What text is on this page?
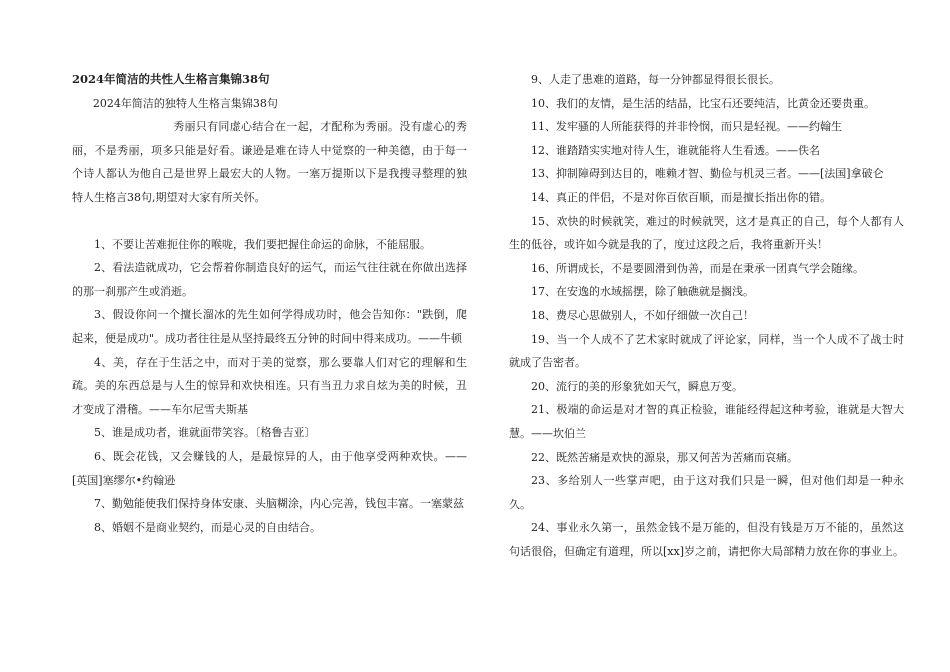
2024年简洁的共性人生格言集锦38句

2024年简洁的独特人生格言集锦38句

秀丽只有同虚心结合在一起，才配称为秀丽。没有虚心的秀丽，不是秀丽，项多只能是好看。谦逊是难在诗人中觉察的一种美德，由于每一个诗人都认为他自己是世界上最宏大的人物。一塞万提斯以下是我搜寻整理的独特人生格言38句,期望对大家有所关怀。

1、不要让苦难扼住你的喉咙，我们要把握住命运的命脉，不能屈服。

2、看法造就成功，它会帮着你制造良好的运气，而运气往往就在你做出选择的那一刹那产生或消逝。

3、假设你问一个擅长溜冰的先生如何学得成功时，他会告知你："跌倒，爬起来，便是成功"。成功者往往是从坚持最终五分钟的时间中得来成功。——牛顿

4、美，存在于生活之中，而对于美的觉察，那么要靠人们对它的理解和生疏。美的东西总是与人生的惊异和欢快相连。只有当丑力求自炫为美的时候，丑才变成了滑稽。——车尔尼雪夫斯基

5、谁是成功者，谁就面带笑容。〔格鲁吉亚〕

6、既会花钱，又会赚钱的人，是最惊异的人，由于他享受两种欢快。——[英国]塞缪尔•约翰逊

7、勤勉能使我们保持身体安康、头脑糊涂，内心完善，钱包丰富。一塞蒙兹

8、婚姻不是商业契约，而是心灵的自由结合。

9、人走了患难的道路，每一分钟都显得很长很长。

10、我们的友情，是生活的结晶，比宝石还要纯洁，比黄金还要贵重。

11、发牢骚的人所能获得的并非怜悯，而只是轻视。——约翰生

12、谁踏踏实实地对待人生，谁就能将人生看透。——佚名

13、抑制障碍到达目的，唯赖才智、勤俭与机灵三者。——[法国]拿破仑

14、真正的伴侣，不是对你百依百顺，而是擅长指出你的错。

15、欢快的时候就笑，难过的时候就哭，这才是真正的自己，每个人都有人生的低谷，或许如今就是我的了，度过这段之后，我将重新开头！

16、所谓成长，不是要圆滑到伪善，而是在秉承一团真气学会随缘。

17、在安逸的水域摇摆，除了触礁就是搁浅。

18、费尽心思做别人，不如仔细做一次自己！

19、当一个人成不了艺术家时就成了评论家，同样，当一个人成不了战士时就成了告密者。

20、流行的美的形象犹如天气，瞬息万变。

21、极端的命运是对才智的真正检验，谁能经得起这种考验，谁就是大智大慧。——坎伯兰

22、既然苦痛是欢快的源泉，那又何苦为苦痛而哀痛。

23、多给别人一些掌声吧，由于这对我们只是一瞬，但对他们却是一种永久。

24、事业永久第一，虽然金钱不是万能的，但没有钱是万万不能的，虽然这句话很俗，但确定有道理，所以[xx]岁之前，请把你大局部精力放在你的事业上。
